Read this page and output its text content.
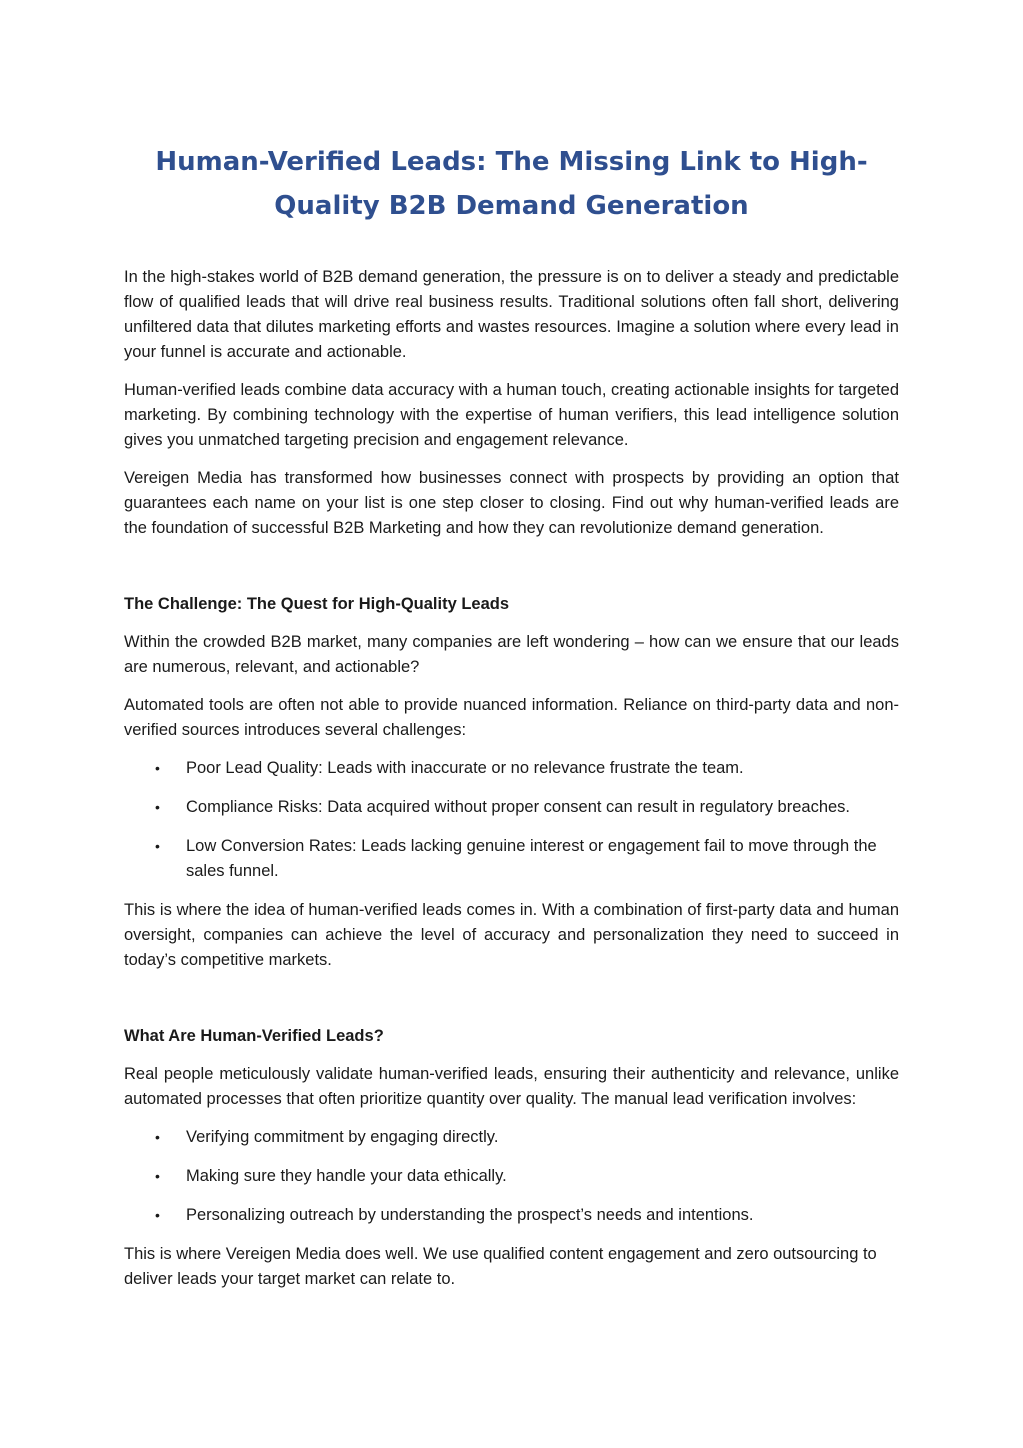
Human-Verified Leads: The Missing Link to High-Quality B2B Demand Generation

In the high-stakes world of B2B demand generation, the pressure is on to deliver a steady and predictable flow of qualified leads that will drive real business results. Traditional solutions often fall short, delivering unfiltered data that dilutes marketing efforts and wastes resources. Imagine a solution where every lead in your funnel is accurate and actionable.

Human-verified leads combine data accuracy with a human touch, creating actionable insights for targeted marketing. By combining technology with the expertise of human verifiers, this lead intelligence solution gives you unmatched targeting precision and engagement relevance.

Vereigen Media has transformed how businesses connect with prospects by providing an option that guarantees each name on your list is one step closer to closing. Find out why human-verified leads are the foundation of successful B2B Marketing and how they can revolutionize demand generation.

The Challenge: The Quest for High-Quality Leads

Within the crowded B2B market, many companies are left wondering – how can we ensure that our leads are numerous, relevant, and actionable?

Automated tools are often not able to provide nuanced information. Reliance on third-party data and non-verified sources introduces several challenges:

• Poor Lead Quality: Leads with inaccurate or no relevance frustrate the team.
• Compliance Risks: Data acquired without proper consent can result in regulatory breaches.
• Low Conversion Rates: Leads lacking genuine interest or engagement fail to move through the sales funnel.

This is where the idea of human-verified leads comes in. With a combination of first-party data and human oversight, companies can achieve the level of accuracy and personalization they need to succeed in today’s competitive markets.

What Are Human-Verified Leads?

Real people meticulously validate human-verified leads, ensuring their authenticity and relevance, unlike automated processes that often prioritize quantity over quality. The manual lead verification involves:

• Verifying commitment by engaging directly.
• Making sure they handle your data ethically.
• Personalizing outreach by understanding the prospect’s needs and intentions.

This is where Vereigen Media does well. We use qualified content engagement and zero outsourcing to deliver leads your target market can relate to.
